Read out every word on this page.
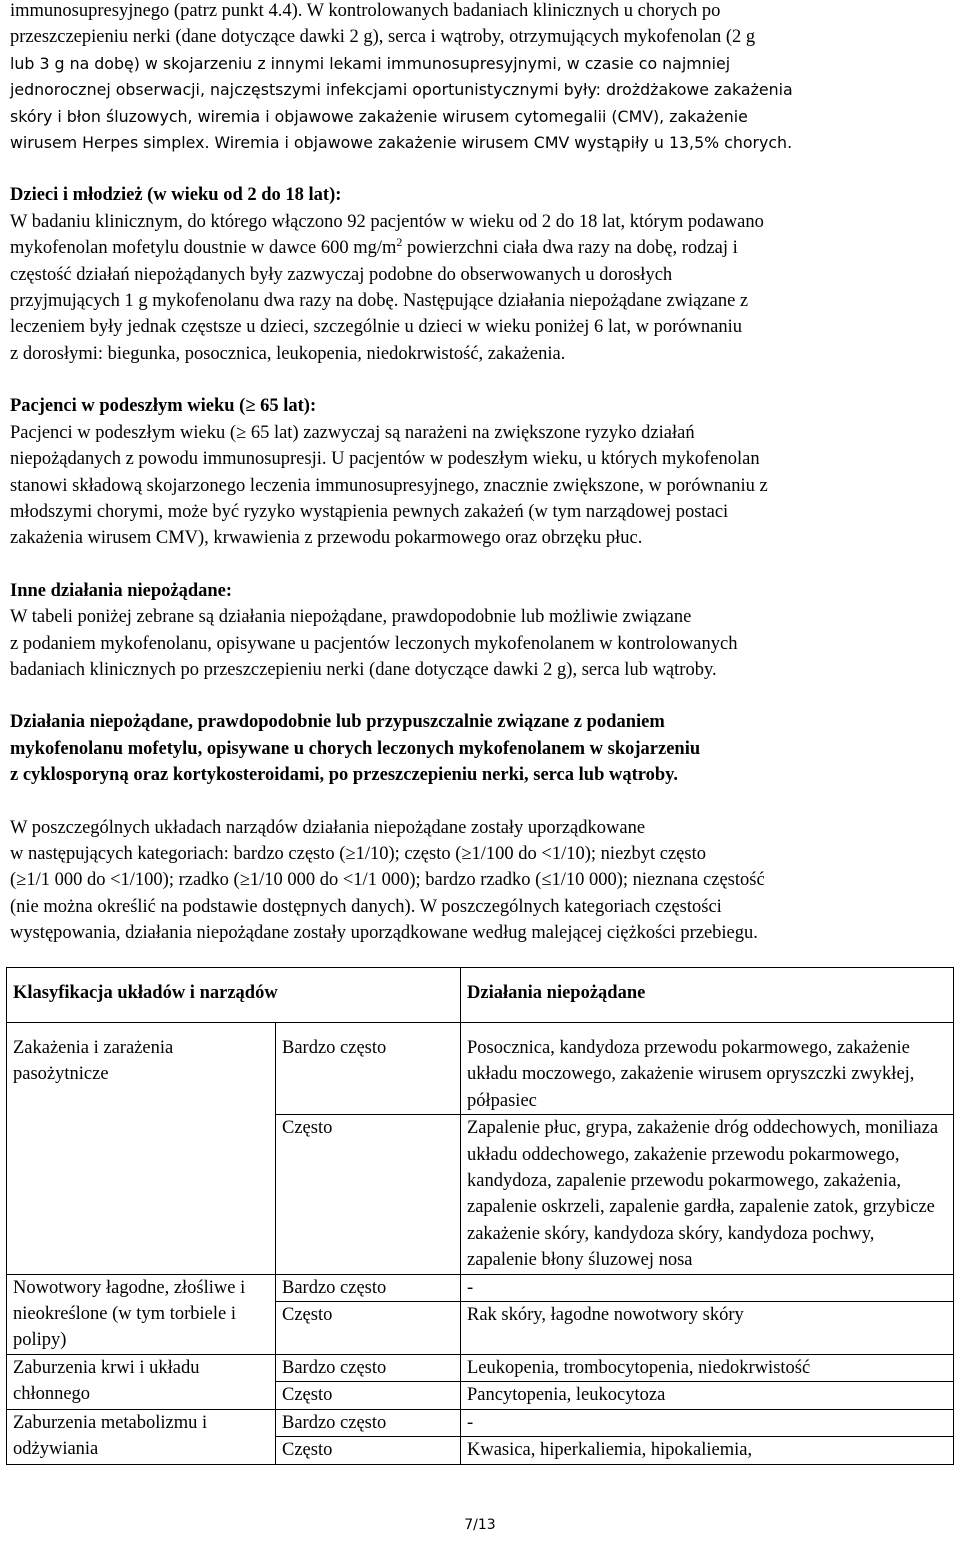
immunosupresyjnego (patrz punkt 4.4). W kontrolowanych badaniach klinicznych u chorych po
przeszczepieniu nerki (dane dotyczące dawki 2 g), serca i wątroby, otrzymujących mykofenolan (2 g
lub 3 g na dobę) w skojarzeniu z innymi lekami immunosupresyjnymi, w czasie co najmniej
jednorocznej obserwacji, najczęstszymi infekcjami oportunistycznymi były: drożdżakowe zakażenia
skóry i błon śluzowych, wiremia i objawowe zakażenie wirusem cytomegalii (CMV), zakażenie
wirusem Herpes simplex. Wiremia i objawowe zakażenie wirusem CMV wystąpiły u 13,5% chorych.

Dzieci i młodzież (w wieku od 2 do 18 lat):
W badaniu klinicznym, do którego włączono 92 pacjentów w wieku od 2 do 18 lat, którym podawano
mykofenolan mofetylu doustnie w dawce 600 $mg/m^2$ powierzchni ciała dwa razy na dobę, rodzaj i
częstość działań niepożądanych były zazwyczaj podobne do obserwowanych u dorosłych
przyjmujących 1 g mykofenolanu dwa razy na dobę. Następujące działania niepożądane związane z
leczeniem były jednak częstsze u dzieci, szczególnie u dzieci w wieku poniżej 6 lat, w porównaniu
z dorosłymi: biegunka, posocznica, leukopenia, niedokrwistość, zakażenia.

Pacjenci w podeszłym wieku (≥ 65 lat):
Pacjenci w podeszłym wieku (≥ 65 lat) zazwyczaj są narażeni na zwiększone ryzyko działań
niepożądanych z powodu immunosupresji. U pacjentów w podeszłym wieku, u których mykofenolan
stanowi składową skojarzonego leczenia immunosupresyjnego, znacznie zwiększone, w porównaniu z
młodszymi chorymi, może być ryzyko wystąpienia pewnych zakażeń (w tym narządowej postaci
zakażenia wirusem CMV), krwawienia z przewodu pokarmowego oraz obrzęku płuc.

Inne działania niepożądane:
W tabeli poniżej zebrane są działania niepożądane, prawdopodobnie lub możliwie związane
z podaniem mykofenolanu, opisywane u pacjentów leczonych mykofenolanem w kontrolowanych
badaniach klinicznych po przeszczepieniu nerki (dane dotyczące dawki 2 g), serca lub wątroby.

Działania niepożądane, prawdopodobnie lub przypuszczalnie związane z podaniem
mykofenolanu mofetylu, opisywane u chorych leczonych mykofenolanem w skojarzeniu
z cyklosporyną oraz kortykosteroidami, po przeszczepieniu nerki, serca lub wątroby.

W poszczególnych układach narządów działania niepożądane zostały uporządkowane
w następujących kategoriach: bardzo często (≥1/10); często (≥1/100 do <1/10); niezbyt często
(≥1/1 000 do <1/100); rzadko (≥1/10 000 do <1/1 000); bardzo rzadko (≤1/10 000); nieznana częstość
(nie można określić na podstawie dostępnych danych). W poszczególnych kategoriach częstości
występowania, działania niepożądane zostały uporządkowane według malejącej ciężkości przebiegu.

Klasyfikacja układów i narządów		Działania niepożądane
Zakażenia i zarażenia pasożytnicze	Bardzo często	Posocznica, kandydoza przewodu pokarmowego, zakażenie układu moczowego, zakażenie wirusem opryszczki zwykłej, półpasiec
	Często	Zapalenie płuc, grypa, zakażenie dróg oddechowych, moniliaza układu oddechowego, zakażenie przewodu pokarmowego, kandydoza, zapalenie przewodu pokarmowego, zakażenia, zapalenie oskrzeli, zapalenie gardła, zapalenie zatok, grzybicze zakażenie skóry, kandydoza skóry, kandydoza pochwy, zapalenie błony śluzowej nosa
Nowotwory łagodne, złośliwe i nieokreślone (w tym torbiele i polipy)	Bardzo często	-
	Często	Rak skóry, łagodne nowotwory skóry
Zaburzenia krwi i układu chłonnego	Bardzo często	Leukopenia, trombocytopenia, niedokrwistość
	Często	Pancytopenia, leukocytoza
Zaburzenia metabolizmu i odżywiania	Bardzo często	-
	Często	Kwasica, hiperkaliemia, hipokaliemia,
7/13
